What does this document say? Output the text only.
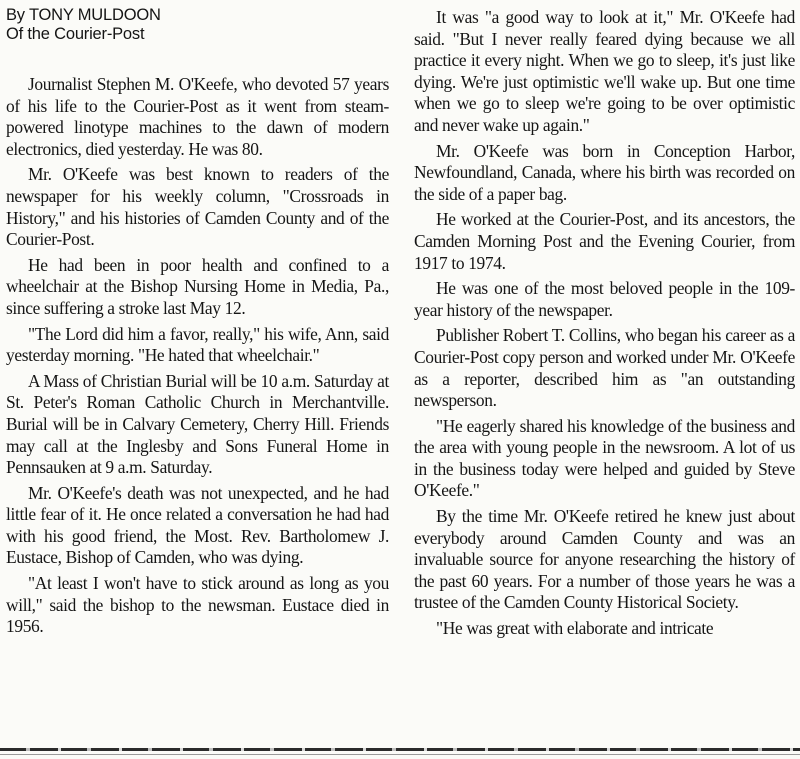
By TONY MULDOON
Of the Courier-Post

Journalist Stephen M. O'Keefe, who devoted 57 years of his life to the Courier-Post as it went from steam-powered linotype machines to the dawn of modern electronics, died yesterday. He was 80.

Mr. O'Keefe was best known to readers of the newspaper for his weekly column, "Crossroads in History," and his histories of Camden County and of the Courier-Post.

He had been in poor health and confined to a wheelchair at the Bishop Nursing Home in Media, Pa., since suffering a stroke last May 12.

"The Lord did him a favor, really," his wife, Ann, said yesterday morning. "He hated that wheelchair."

A Mass of Christian Burial will be 10 a.m. Saturday at St. Peter's Roman Catholic Church in Merchantville. Burial will be in Calvary Cemetery, Cherry Hill. Friends may call at the Inglesby and Sons Funeral Home in Pennsauken at 9 a.m. Saturday.

Mr. O'Keefe's death was not unexpected, and he had little fear of it. He once related a conversation he had had with his good friend, the Most. Rev. Bartholomew J. Eustace, Bishop of Camden, who was dying.

"At least I won't have to stick around as long as you will," said the bishop to the newsman. Eustace died in 1956.

It was "a good way to look at it," Mr. O'Keefe had said. "But I never really feared dying because we all practice it every night. When we go to sleep, it's just like dying. We're just optimistic we'll wake up. But one time when we go to sleep we're going to be over optimistic and never wake up again."

Mr. O'Keefe was born in Conception Harbor, Newfoundland, Canada, where his birth was recorded on the side of a paper bag.

He worked at the Courier-Post, and its ancestors, the Camden Morning Post and the Evening Courier, from 1917 to 1974.

He was one of the most beloved people in the 109-year history of the newspaper.

Publisher Robert T. Collins, who began his career as a Courier-Post copy person and worked under Mr. O'Keefe as a reporter, described him as "an outstanding newsperson.

"He eagerly shared his knowledge of the business and the area with young people in the newsroom. A lot of us in the business today were helped and guided by Steve O'Keefe."

By the time Mr. O'Keefe retired he knew just about everybody around Camden County and was an invaluable source for anyone researching the history of the past 60 years. For a number of those years he was a trustee of the Camden County Historical Society.

"He was great with elaborate and intricate
